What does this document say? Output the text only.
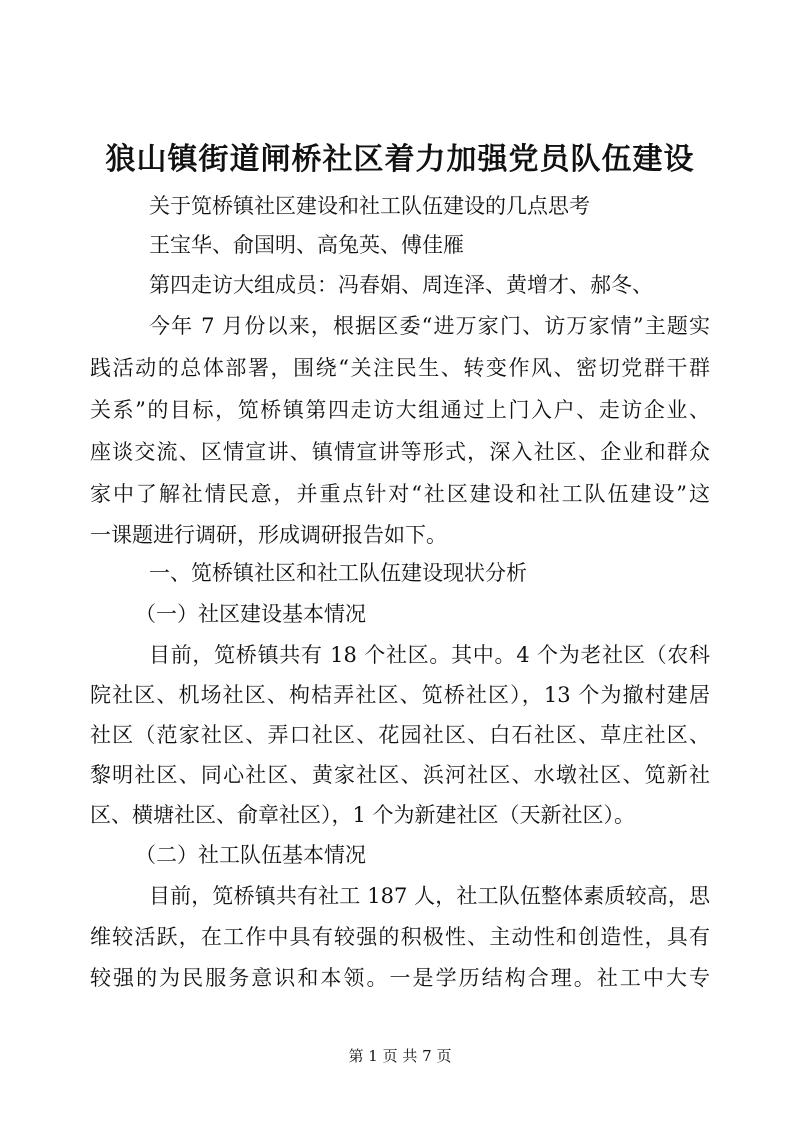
狼山镇街道闸桥社区着力加强党员队伍建设
关于笕桥镇社区建设和社工队伍建设的几点思考
王宝华、俞国明、高兔英、傅佳雁
第四走访大组成员：冯春娟、周连泽、黄增才、郝冬、
今年 7 月份以来，根据区委“进万家门、访万家情”主题实
践活动的总体部署，围绕“关注民生、转变作风、密切党群干群
关系”的目标，笕桥镇第四走访大组通过上门入户、走访企业、
座谈交流、区情宣讲、镇情宣讲等形式，深入社区、企业和群众
家中了解社情民意，并重点针对“社区建设和社工队伍建设”这
一课题进行调研，形成调研报告如下。
一、笕桥镇社区和社工队伍建设现状分析
（一）社区建设基本情况
目前，笕桥镇共有 18 个社区。其中。4 个为老社区（农科
院社区、机场社区、枸桔弄社区、笕桥社区），13 个为撤村建居
社区（范家社区、弄口社区、花园社区、白石社区、草庄社区、
黎明社区、同心社区、黄家社区、浜河社区、水墩社区、笕新社
区、横塘社区、俞章社区），1 个为新建社区（天新社区）。
（二）社工队伍基本情况
目前，笕桥镇共有社工 187 人，社工队伍整体素质较高，思
维较活跃，在工作中具有较强的积极性、主动性和创造性，具有
较强的为民服务意识和本领。一是学历结构合理。社工中大专
第 1 页 共 7 页
